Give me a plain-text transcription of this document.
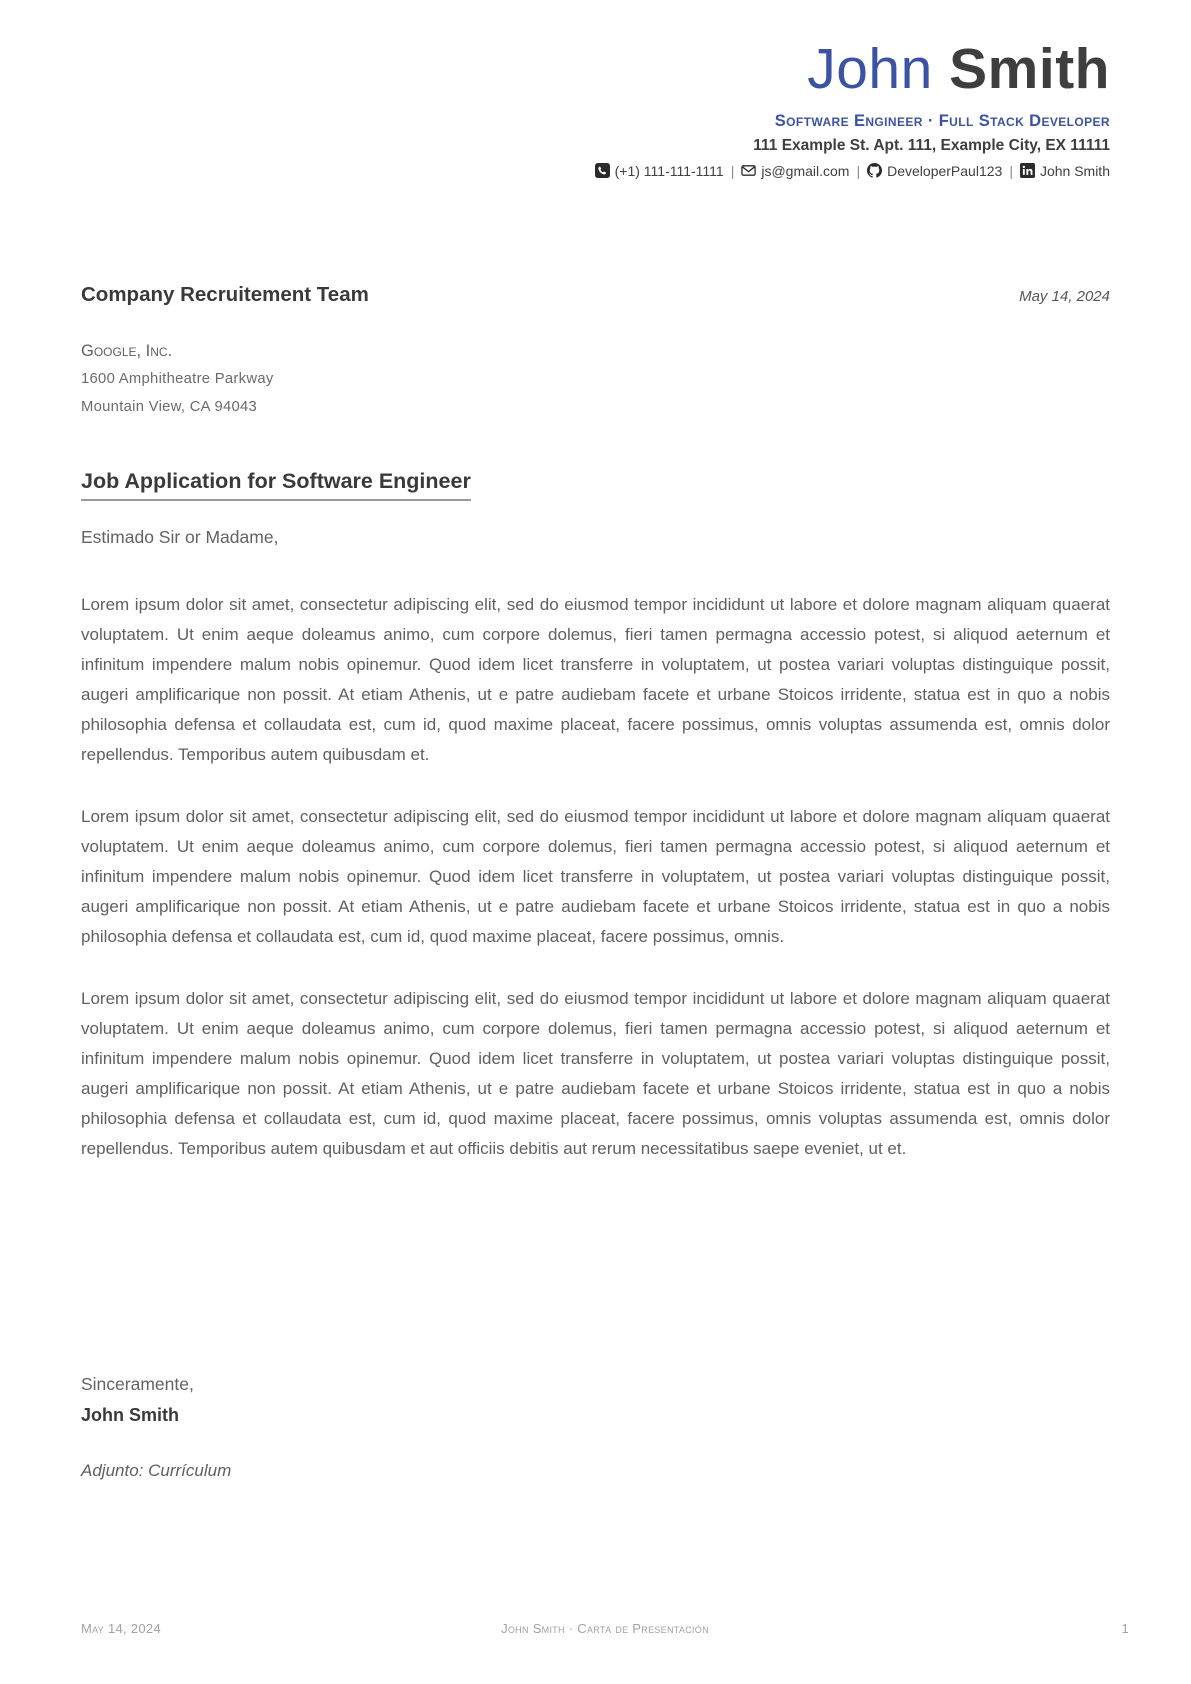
John Smith
Software Engineer · Full Stack Developer
111 Example St. Apt. 111, Example City, EX 11111
(+1) 111-111-1111 | js@gmail.com | DeveloperPaul123 | John Smith
Company Recruitement Team	May 14, 2024
Google, Inc.
1600 Amphitheatre Parkway
Mountain View, CA 94043
Job Application for Software Engineer
Estimado Sir or Madame,

Lorem ipsum dolor sit amet, consectetur adipiscing elit, sed do eiusmod tempor incididunt ut labore et dolore magnam aliquam quaerat voluptatem. Ut enim aeque doleamus animo, cum corpore dolemus, fieri tamen permagna accessio potest, si aliquod aeternum et infinitum impendere malum nobis opinemur. Quod idem licet transferre in voluptatem, ut postea variari voluptas distinguique possit, augeri amplificarique non possit. At etiam Athenis, ut e patre audiebam facete et urbane Stoicos irridente, statua est in quo a nobis philosophia defensa et collaudata est, cum id, quod maxime placeat, facere possimus, omnis voluptas assumenda est, omnis dolor repellendus. Temporibus autem quibusdam et.

Lorem ipsum dolor sit amet, consectetur adipiscing elit, sed do eiusmod tempor incididunt ut labore et dolore magnam aliquam quaerat voluptatem. Ut enim aeque doleamus animo, cum corpore dolemus, fieri tamen permagna accessio potest, si aliquod aeternum et infinitum impendere malum nobis opinemur. Quod idem licet transferre in voluptatem, ut postea variari voluptas distinguique possit, augeri amplificarique non possit. At etiam Athenis, ut e patre audiebam facete et urbane Stoicos irridente, statua est in quo a nobis philosophia defensa et collaudata est, cum id, quod maxime placeat, facere possimus, omnis.

Lorem ipsum dolor sit amet, consectetur adipiscing elit, sed do eiusmod tempor incididunt ut labore et dolore magnam aliquam quaerat voluptatem. Ut enim aeque doleamus animo, cum corpore dolemus, fieri tamen permagna accessio potest, si aliquod aeternum et infinitum impendere malum nobis opinemur. Quod idem licet transferre in voluptatem, ut postea variari voluptas distinguique possit, augeri amplificarique non possit. At etiam Athenis, ut e patre audiebam facete et urbane Stoicos irridente, statua est in quo a nobis philosophia defensa et collaudata est, cum id, quod maxime placeat, facere possimus, omnis voluptas assumenda est, omnis dolor repellendus. Temporibus autem quibusdam et aut officiis debitis aut rerum necessitatibus saepe eveniet, ut et.

Sinceramente,
John Smith
Adjunto: Currículum
May 14, 2024	John Smith · Carta de Presentación	1
